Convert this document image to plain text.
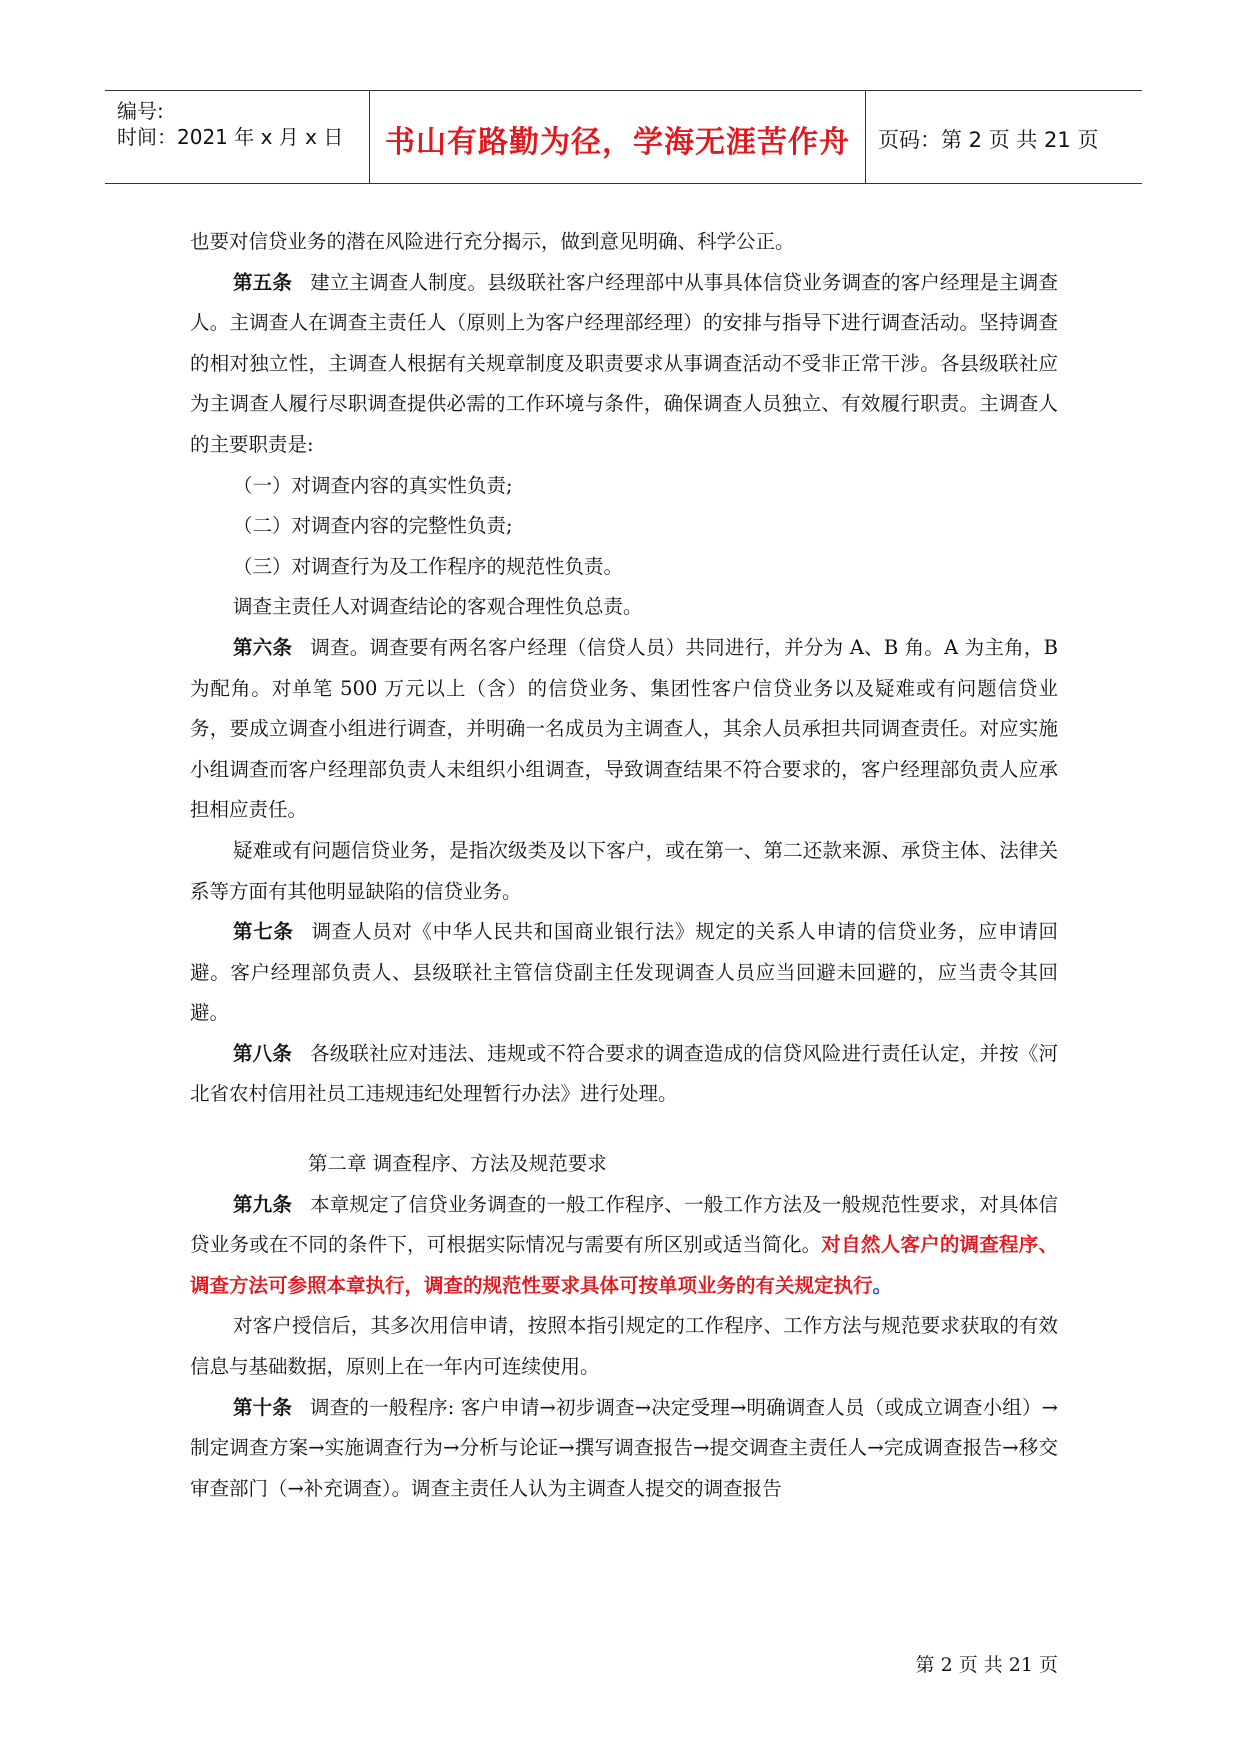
编号:
时间：2021 年 x 月 x 日	书山有路勤为径，学海无涯苦作舟	页码：第 2 页 共 21 页

也要对信贷业务的潜在风险进行充分揭示，做到意见明确、科学公正。

第五条 建立主调查人制度。县级联社客户经理部中从事具体信贷业务调查的客户经理是主调查人。主调查人在调查主责任人（原则上为客户经理部经理）的安排与指导下进行调查活动。坚持调查的相对独立性，主调查人根据有关规章制度及职责要求从事调查活动不受非正常干涉。各县级联社应为主调查人履行尽职调查提供必需的工作环境与条件，确保调查人员独立、有效履行职责。主调查人的主要职责是:

（一）对调查内容的真实性负责;

（二）对调查内容的完整性负责;

（三）对调查行为及工作程序的规范性负责。

调查主责任人对调查结论的客观合理性负总责。

第六条 调查。调查要有两名客户经理（信贷人员）共同进行，并分为 A、B 角。A 为主角，B 为配角。对单笔 500 万元以上（含）的信贷业务、集团性客户信贷业务以及疑难或有问题信贷业务，要成立调查小组进行调查，并明确一名成员为主调查人，其余人员承担共同调查责任。对应实施小组调查而客户经理部负责人未组织小组调查，导致调查结果不符合要求的，客户经理部负责人应承担相应责任。

疑难或有问题信贷业务，是指次级类及以下客户，或在第一、第二还款来源、承贷主体、法律关系等方面有其他明显缺陷的信贷业务。

第七条 调查人员对《中华人民共和国商业银行法》规定的关系人申请的信贷业务，应申请回避。客户经理部负责人、县级联社主管信贷副主任发现调查人员应当回避未回避的，应当责令其回避。

第八条 各级联社应对违法、违规或不符合要求的调查造成的信贷风险进行责任认定，并按《河北省农村信用社员工违规违纪处理暂行办法》进行处理。

第二章 调查程序、方法及规范要求

第九条 本章规定了信贷业务调查的一般工作程序、一般工作方法及一般规范性要求，对具体信贷业务或在不同的条件下，可根据实际情况与需要有所区别或适当简化。对自然人客户的调查程序、调查方法可参照本章执行，调查的规范性要求具体可按单项业务的有关规定执行。

对客户授信后，其多次用信申请，按照本指引规定的工作程序、工作方法与规范要求获取的有效信息与基础数据，原则上在一年内可连续使用。

第十条 调查的一般程序: 客户申请→初步调查→决定受理→明确调查人员（或成立调查小组）→制定调查方案→实施调查行为→分析与论证→撰写调查报告→提交调查主责任人→完成调查报告→移交审查部门（→补充调查）。调查主责任人认为主调查人提交的调查报告

第 2 页 共 21 页
